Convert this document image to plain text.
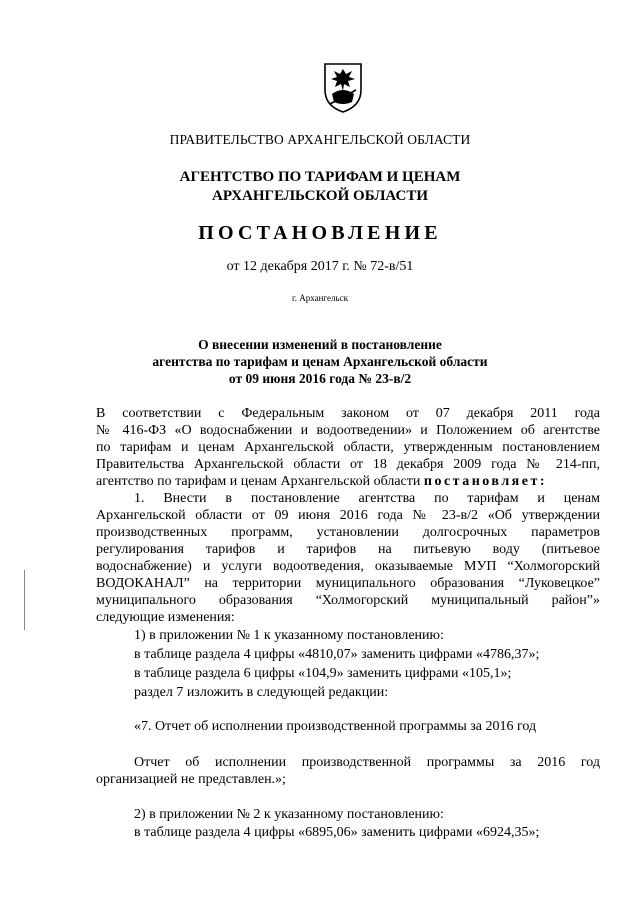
ПРАВИТЕЛЬСТВО АРХАНГЕЛЬСКОЙ ОБЛАСТИ
АГЕНТСТВО ПО ТАРИФАМ И ЦЕНАМ
АРХАНГЕЛЬСКОЙ ОБЛАСТИ
ПОСТАНОВЛЕНИЕ
от 12 декабря 2017 г. № 72-в/51
г. Архангельск
О внесении изменений в постановление
агентства по тарифам и ценам Архангельской области
от 09 июня 2016 года № 23-в/2
В соответствии с Федеральным законом от 07 декабря 2011 года
№ 416-ФЗ «О водоснабжении и водоотведении» и Положением об агентстве
по тарифам и ценам Архангельской области, утвержденным постановлением
Правительства Архангельской области от 18 декабря 2009 года № 214-пп,
агентство по тарифам и ценам Архангельской области постановляет:
1. Внести в постановление агентства по тарифам и ценам
Архангельской области от 09 июня 2016 года № 23-в/2 «Об утверждении
производственных программ, установлении долгосрочных параметров
регулирования тарифов и тарифов на питьевую воду (питьевое
водоснабжение) и услуги водоотведения, оказываемые МУП “Холмогорский
ВОДОКАНАЛ” на территории муниципального образования “Луковецкое”
муниципального образования “Холмогорский муниципальный район”»
следующие изменения:
1) в приложении № 1 к указанному постановлению:
в таблице раздела 4 цифры «4810,07» заменить цифрами «4786,37»;
в таблице раздела 6 цифры «104,9» заменить цифрами «105,1»;
раздел 7 изложить в следующей редакции:
«7. Отчет об исполнении производственной программы за 2016 год
Отчет об исполнении производственной программы за 2016 год
организацией не представлен.»;
2) в приложении № 2 к указанному постановлению:
в таблице раздела 4 цифры «6895,06» заменить цифрами «6924,35»;
